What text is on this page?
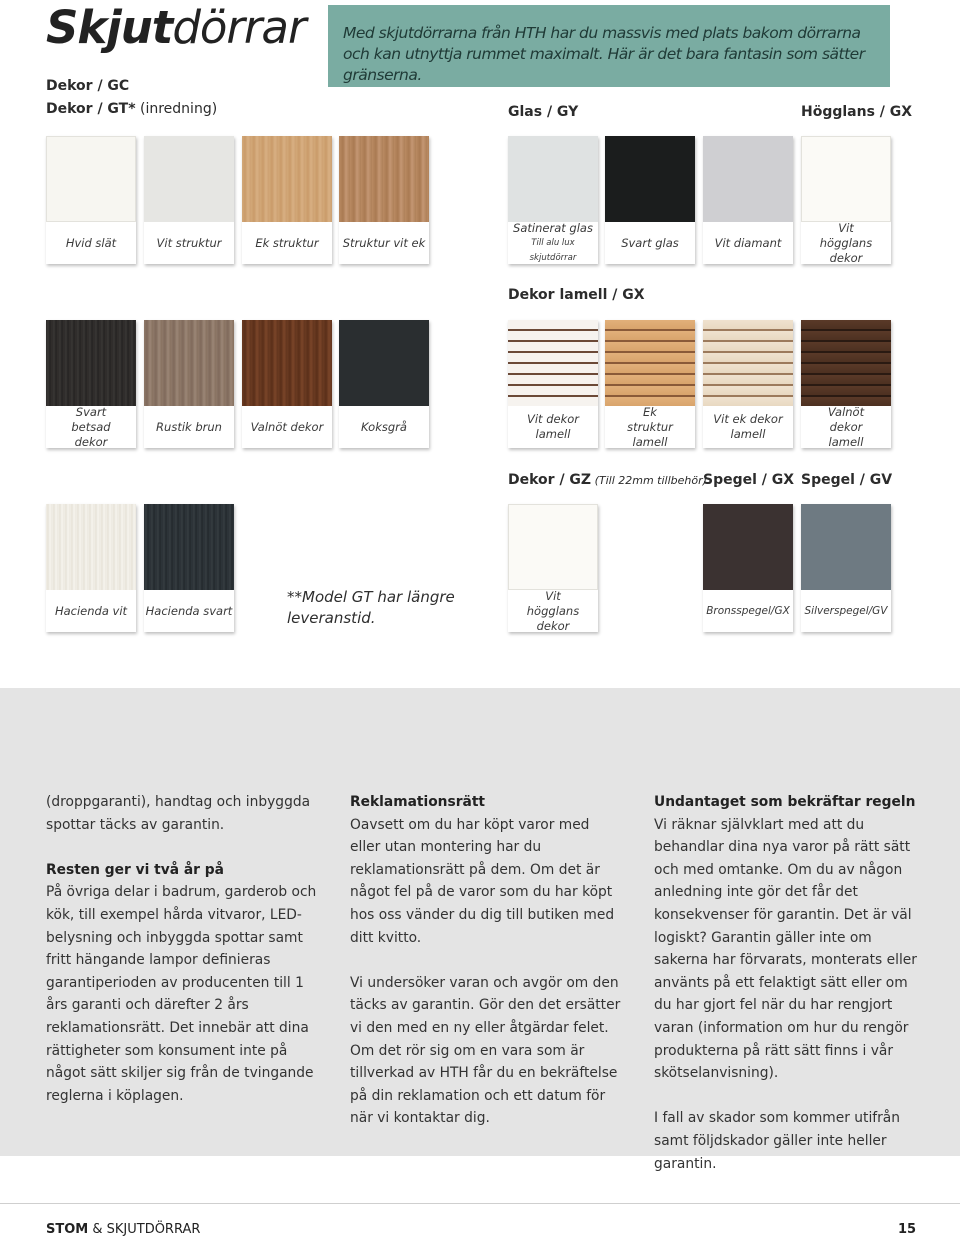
Skjutdörrar	Med skjutdörrarna från HTH har du massvis med plats bakom dörrarna och kan utnyttja rummet maximalt. Här är det bara fantasin som sätter gränserna.

Dekor / GC
Dekor / GT* (inredning)	Glas / GY	Högglans / GX
Hvid slät	Vit struktur	Ek struktur	Struktur vit ek
Satinerat glas
Till alu lux skjutdörrar
Svart glas	Vit diamant
Vit högglans dekor
Dekor lamell / GX
Svart betsad dekor
Rustik brun	Valnöt dekor	Koksgrå
Vit dekor lamell
Ek struktur lamell
Vit ek dekor lamell
Valnöt dekor lamell
Dekor / GZ (Till 22mm tillbehör)
Spegel / GX Spegel / GV
Hacienda vit	Hacienda svart
**Model GT har längre leveranstid.
Vit högglans dekor
Bronsspegel/GX	Silverspegel/GV

(droppgaranti), handtag och inbyggda spottar täcks av garantin.

Resten ger vi två år på

På övriga delar i badrum, garderob och kök, till exempel hårda vitvaror, LED-belysning och inbyggda spottar samt fritt hängande lampor definieras garantiperioden av producenten till 1 års garanti och därefter 2 års reklamationsrätt. Det innebär att dina rättigheter som konsument inte på något sätt skiljer sig från de tvingande reglerna i köplagen.

Reklamationsrätt

Oavsett om du har köpt varor med eller utan montering har du reklamationsrätt på dem. Om det är något fel på de varor som du har köpt hos oss vänder du dig till butiken med ditt kvitto.

Vi undersöker varan och avgör om den täcks av garantin. Gör den det ersätter vi den med en ny eller åtgärdar felet. Om det rör sig om en vara som är tillverkad av HTH får du en bekräftelse på din reklamation och ett datum för när vi kontaktar dig.

Undantaget som bekräftar regeln

Vi räknar självklart med att du behandlar dina nya varor på rätt sätt och med omtanke. Om du av någon anledning inte gör det får det konsekvenser för garantin. Det är väl logiskt? Garantin gäller inte om sakerna har förvarats, monterats eller använts på ett felaktigt sätt eller om du har gjort fel när du har rengjort varan (information om hur du rengör produkterna på rätt sätt finns i vår skötselanvisning).

I fall av skador som kommer utifrån samt följdskador gäller inte heller garantin.

STOM & SKJUTDÖRRAR	15
